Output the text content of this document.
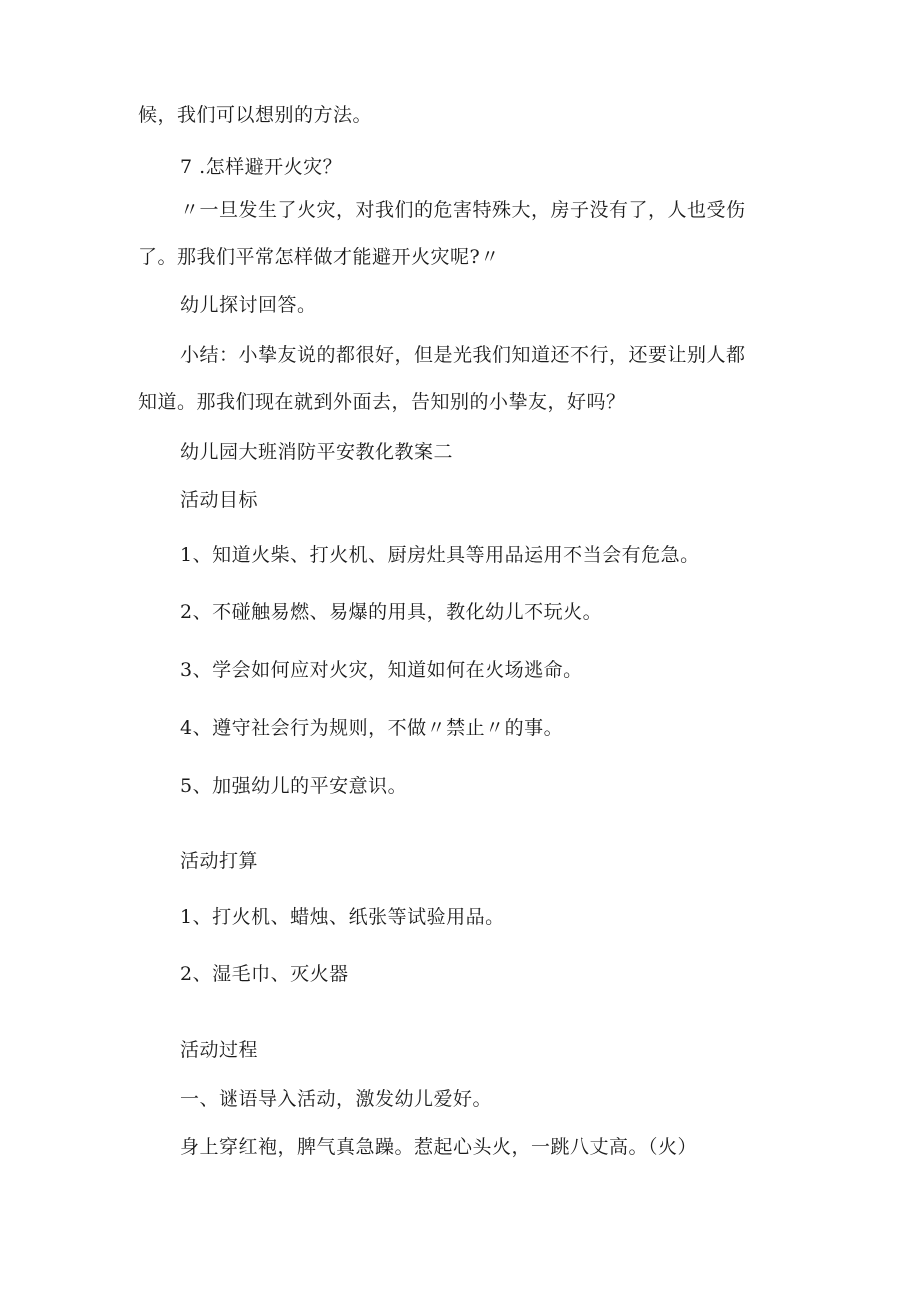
候，我们可以想别的方法。
7 .怎样避开火灾？
〃一旦发生了火灾，对我们的危害特殊大，房子没有了，人也受伤
了。那我们平常怎样做才能避开火灾呢?〃
幼儿探讨回答。
小结：小挚友说的都很好，但是光我们知道还不行，还要让别人都
知道。那我们现在就到外面去，告知别的小挚友，好吗？
幼儿园大班消防平安教化教案二
活动目标
1、知道火柴、打火机、厨房灶具等用品运用不当会有危急。
2、不碰触易燃、易爆的用具，教化幼儿不玩火。
3、学会如何应对火灾，知道如何在火场逃命。
4、遵守社会行为规则，不做〃禁止〃的事。
5、加强幼儿的平安意识。
活动打算
1、打火机、蜡烛、纸张等试验用品。
2、湿毛巾、灭火器
活动过程
一、谜语导入活动，激发幼儿爱好。
身上穿红袍，脾气真急躁。惹起心头火，一跳八丈高。（火）
